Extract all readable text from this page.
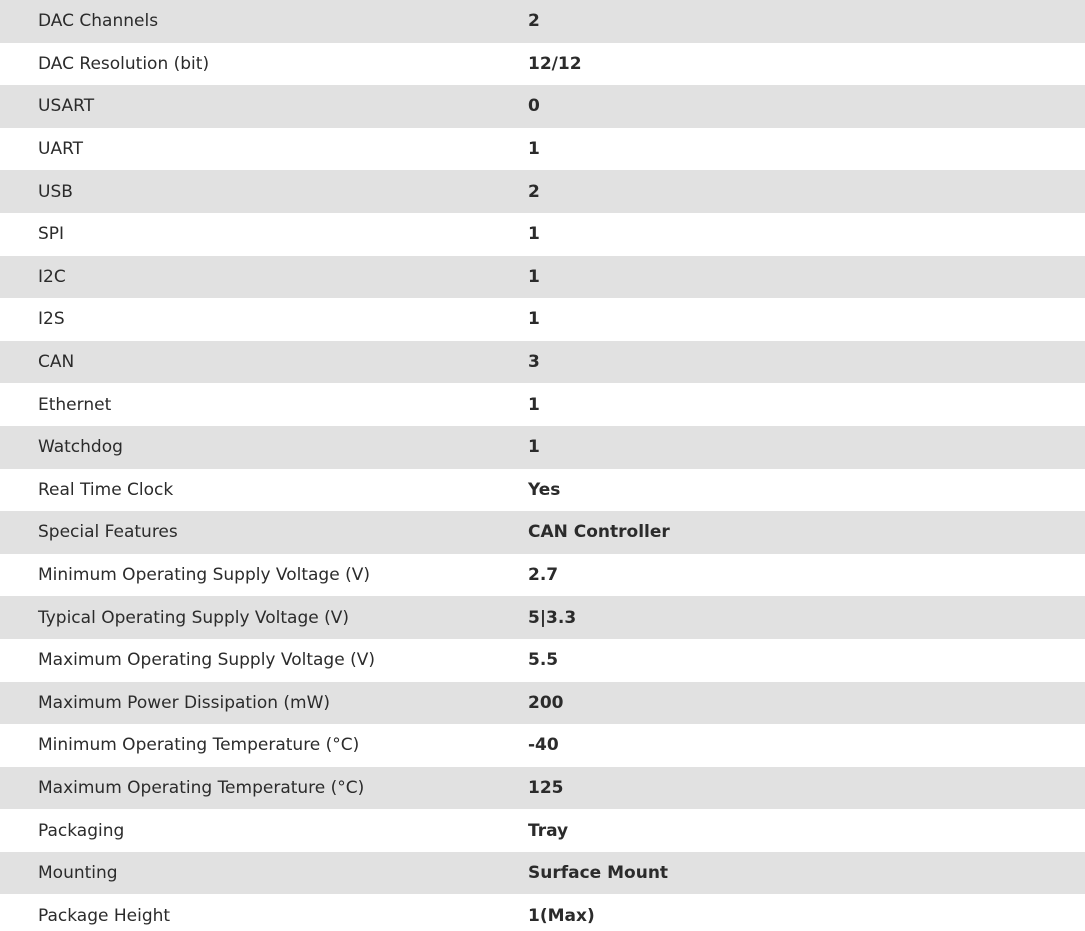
DAC Channels	2
DAC Resolution (bit)	12/12
USART	0
UART	1
USB	2
SPI	1
I2C	1
I2S	1
CAN	3
Ethernet	1
Watchdog	1
Real Time Clock	Yes
Special Features	CAN Controller
Minimum Operating Supply Voltage (V)	2.7
Typical Operating Supply Voltage (V)	5|3.3
Maximum Operating Supply Voltage (V)	5.5
Maximum Power Dissipation (mW)	200
Minimum Operating Temperature (°C)	-40
Maximum Operating Temperature (°C)	125
Packaging	Tray
Mounting	Surface Mount
Package Height	1(Max)
